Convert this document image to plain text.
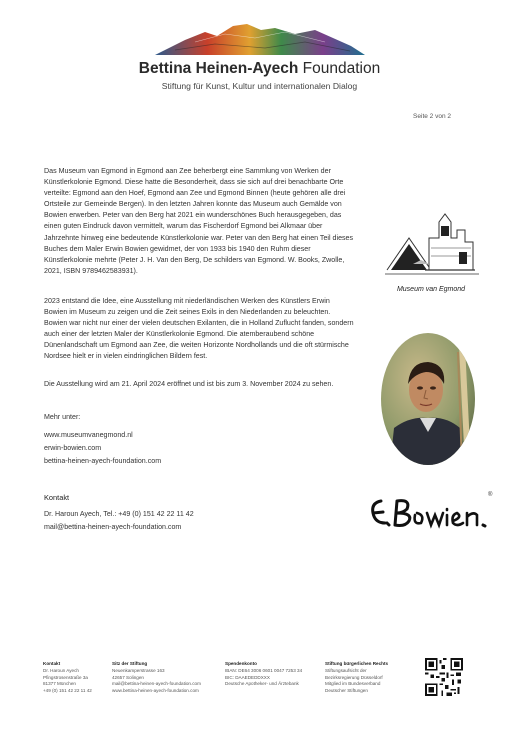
Bettina Heinen-Ayech Foundation
Stiftung für Kunst, Kultur und internationalen Dialog
Seite 2 von 2

Das Museum van Egmond in Egmond aan Zee beherbergt eine Sammlung von Werken der Künstlerkolonie Egmond. Diese hatte die Besonderheit, dass sie sich auf drei benachbarte Orte verteilte: Egmond aan den Hoef, Egmond aan Zee und Egmond Binnen (heute gehören alle drei Ortsteile zur Gemeinde Bergen). In den letzten Jahren konnte das Museum auch Gemälde von Bowien erwerben. Peter van den Berg hat 2021 ein wunderschönes Buch herausgegeben, das einen guten Eindruck davon vermittelt, warum das Fischerdorf Egmond bei Alkmaar über Jahrzehnte hinweg eine bedeutende Künstlerkolonie war. Peter van den Berg hat einen Teil dieses Buches dem Maler Erwin Bowien gewidmet, der von 1933 bis 1940 den Ruhm dieser Künstlerkolonie mehrte (Peter J. H. Van den Berg, De schilders van Egmond. W. Books, Zwolle, 2021, ISBN 9789462583931).

2023 entstand die Idee, eine Ausstellung mit niederländischen Werken des Künstlers Erwin Bowien im Museum zu zeigen und die Zeit seines Exils in den Niederlanden zu beleuchten. Bowien war nicht nur einer der vielen deutschen Exilanten, die in Holland Zuflucht fanden, sondern auch einer der letzten Maler der Künstlerkolonie Egmond. Die atemberaubend schöne Dünenlandschaft um Egmond aan Zee, die weiten Horizonte Nordhollands und die oft stürmische Nordsee hielt er in vielen eindringlichen Bildern fest.

Die Ausstellung wird am 21. April 2024 eröffnet und ist bis zum 3. November 2024 zu sehen.

Mehr unter:
www.museumvanegmond.nl
erwin-bowien.com
bettina-heinen-ayech-foundation.com
Kontakt
Dr. Haroun Ayech, Tel.: +49 (0) 151 42 22 11 42
mail@bettina-heinen-ayech-foundation.com
Museum van Egmond
®
Kontakt
Dr. Haroun Ayech
Pfingstrosenstraße 3a
81377 München
+49 (0) 151 42 22 11 42
Sitz der Stiftung
Neuenkamperstrasse 163
42657 Solingen
mail@bettina-heinen-ayech-foundation.com
www.bettina-heinen-ayech-foundation.com
Spendenkonto
IBAN: DE64 3006 0601 0047 7253 34
BIC: DAAEDEDDXXX
Deutsche Apotheker- und Ärztebank
Stiftung bürgerlichen Rechts
Stiftungsaufsicht der
Bezirksregierung Düsseldorf
Mitglied im Bundesverband
Deutscher Stiftungen
